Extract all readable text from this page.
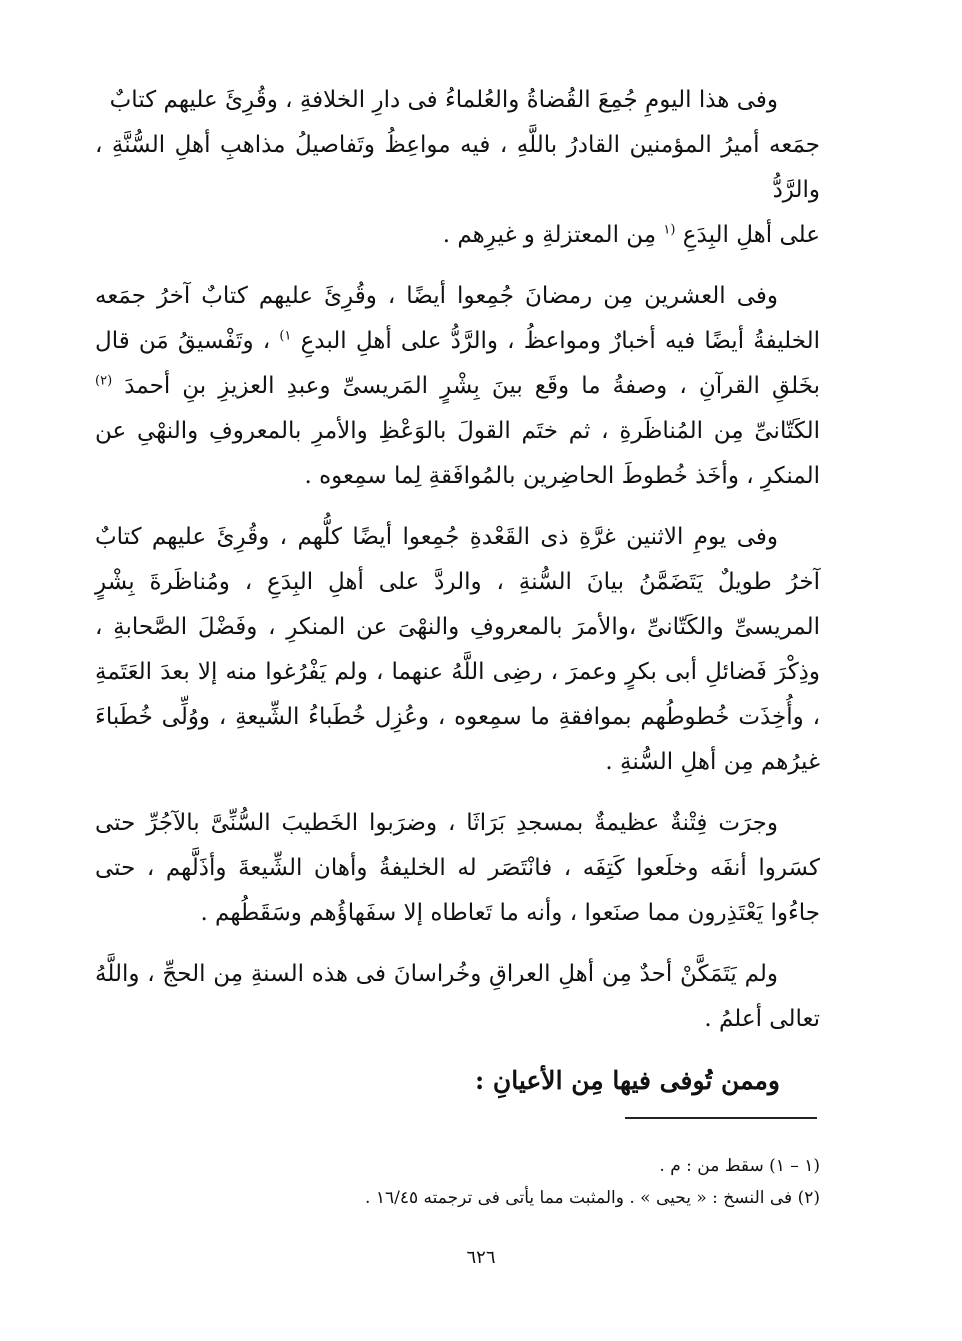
وفى هذا اليومِ جُمِعَ القُضاةُ والعُلماءُ فى دارِ الخلافةِ ، وقُرِئَ عليهم كتابٌ
جمَعه أميرُ المؤمنين القادرُ باللَّهِ ، فيه مواعِظُ وتَفاصيلُ مذاهبِ أهلِ السُّنَّةِ ، والرَّدُّ
على أهلِ البِدَعِ $^{(١}$ مِن المعتزلةِ و غيرِهم .

وفى العشرين مِن رمضانَ جُمِعوا أيضًا ، وقُرِئَ عليهم كتابٌ آخرُ جمَعه الخليفةُ أيضًا فيه أخبارٌ ومواعظُ ، والرَّدُّ على أهلِ البدعِ $^{١)}$ ، وتَفْسيقُ مَن قال بخَلقِ القرآنِ ، وصفةُ ما وقَع بينَ بِشْرٍ المَريسىِّ وعبدِ العزيزِ بنِ أحمدَ $^{(٢)}$ الكَتّانىِّ مِن المُناظَرةِ ، ثم ختَم القولَ بالوَعْظِ والأمرِ بالمعروفِ والنهْىِ عن المنكرِ ، وأخَذ خُطوطَ الحاضِرين بالمُوافَقةِ لِما سمِعوه .

وفى يومِ الاثنين غرَّةِ ذى القَعْدةِ جُمِعوا أيضًا كلُّهم ، وقُرِئَ عليهم كتابٌ آخرُ طويلٌ يَتَضَمَّنُ بيانَ السُّنةِ ، والردَّ على أهلِ البِدَعِ ، ومُناظَرةَ بِشْرٍ المريسىِّ والكَتّانىِّ ،والأمرَ بالمعروفِ والنهْىَ عن المنكرِ ، وفَضْلَ الصَّحابةِ ، وذِكْرَ فَضائلِ أبى بكرٍ وعمرَ ، رضِى اللَّهُ عنهما ، ولم يَفْرُغوا منه إلا بعدَ العَتَمةِ ، وأُخِذَت خُطوطُهم بموافقةِ ما سمِعوه ، وعُزِل خُطَباءُ الشِّيعةِ ، ووُلِّى خُطَباءَ غيرُهم مِن أهلِ السُّنةِ .

وجرَت فِتْنةٌ عظيمةٌ بمسجدِ بَرَاثَا ، وضرَبوا الخَطيبَ السُّنِّىَّ بالآجُرِّ حتى كسَروا أنفَه وخلَعوا كَتِفَه ، فانْتَصَر له الخليفةُ وأهان الشِّيعةَ وأذَلَّهم ، حتى جاءُوا يَعْتَذِرون مما صنَعوا ، وأنه ما تَعاطاه إلا سفَهاؤُهم وسَقَطُهم .

ولم يَتَمَكَّنْ أحدٌ مِن أهلِ العراقِ وخُراسانَ فى هذه السنةِ مِن الحجِّ ، واللَّهُ تعالى أعلمُ .

وممن تُوفى فيها مِن الأعيانِ :

(١ – ١) سقط من : م .

(٢) فى النسخ : « يحيى » . والمثبت مما يأتى فى ترجمته ١٦/٤٥ .

٦٢٦
